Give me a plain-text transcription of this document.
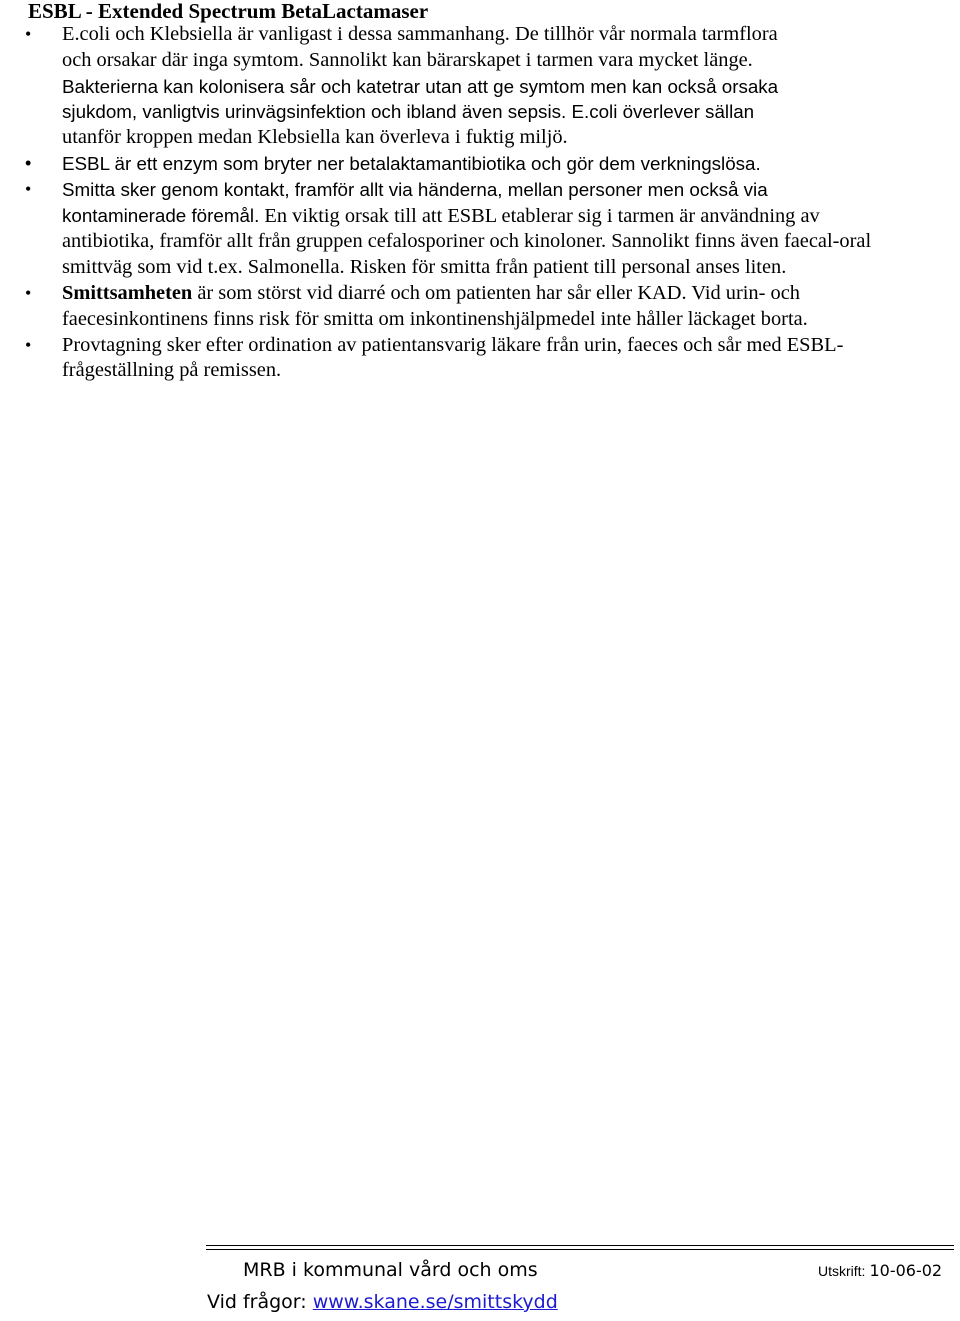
ESBL - Extended Spectrum BetaLactamaser
• E.coli och Klebsiella är vanligast i dessa sammanhang. De tillhör vår normala tarmflora
och orsakar där inga symtom. Sannolikt kan bärarskapet i tarmen vara mycket länge.
Bakterierna kan kolonisera sår och katetrar utan att ge symtom men kan också orsaka
sjukdom, vanligtvis urinvägsinfektion och ibland även sepsis. E.coli överlever sällan
utanför kroppen medan Klebsiella kan överleva i fuktig miljö.
• ESBL är ett enzym som bryter ner betalaktamantibiotika och gör dem verkningslösa.
• Smitta sker genom kontakt, framför allt via händerna, mellan personer men också via
kontaminerade föremål. En viktig orsak till att ESBL etablerar sig i tarmen är användning av antibiotika, framför allt från gruppen cefalosporiner och kinoloner. Sannolikt finns även faecal-oral smittväg som vid t.ex. Salmonella. Risken för smitta från patient till personal anses liten.
• Smittsamheten är som störst vid diarré och om patienten har sår eller KAD. Vid urin- och faecesinkontinens finns risk för smitta om inkontinenshjälpmedel inte håller läckaget borta.
• Provtagning sker efter ordination av patientansvarig läkare från urin, faeces och sår med ESBL-frågeställning på remissen.
MRB i kommunal vård och oms	Utskrift: 10-06-02
Vid frågor: www.skane.se/smittskydd
